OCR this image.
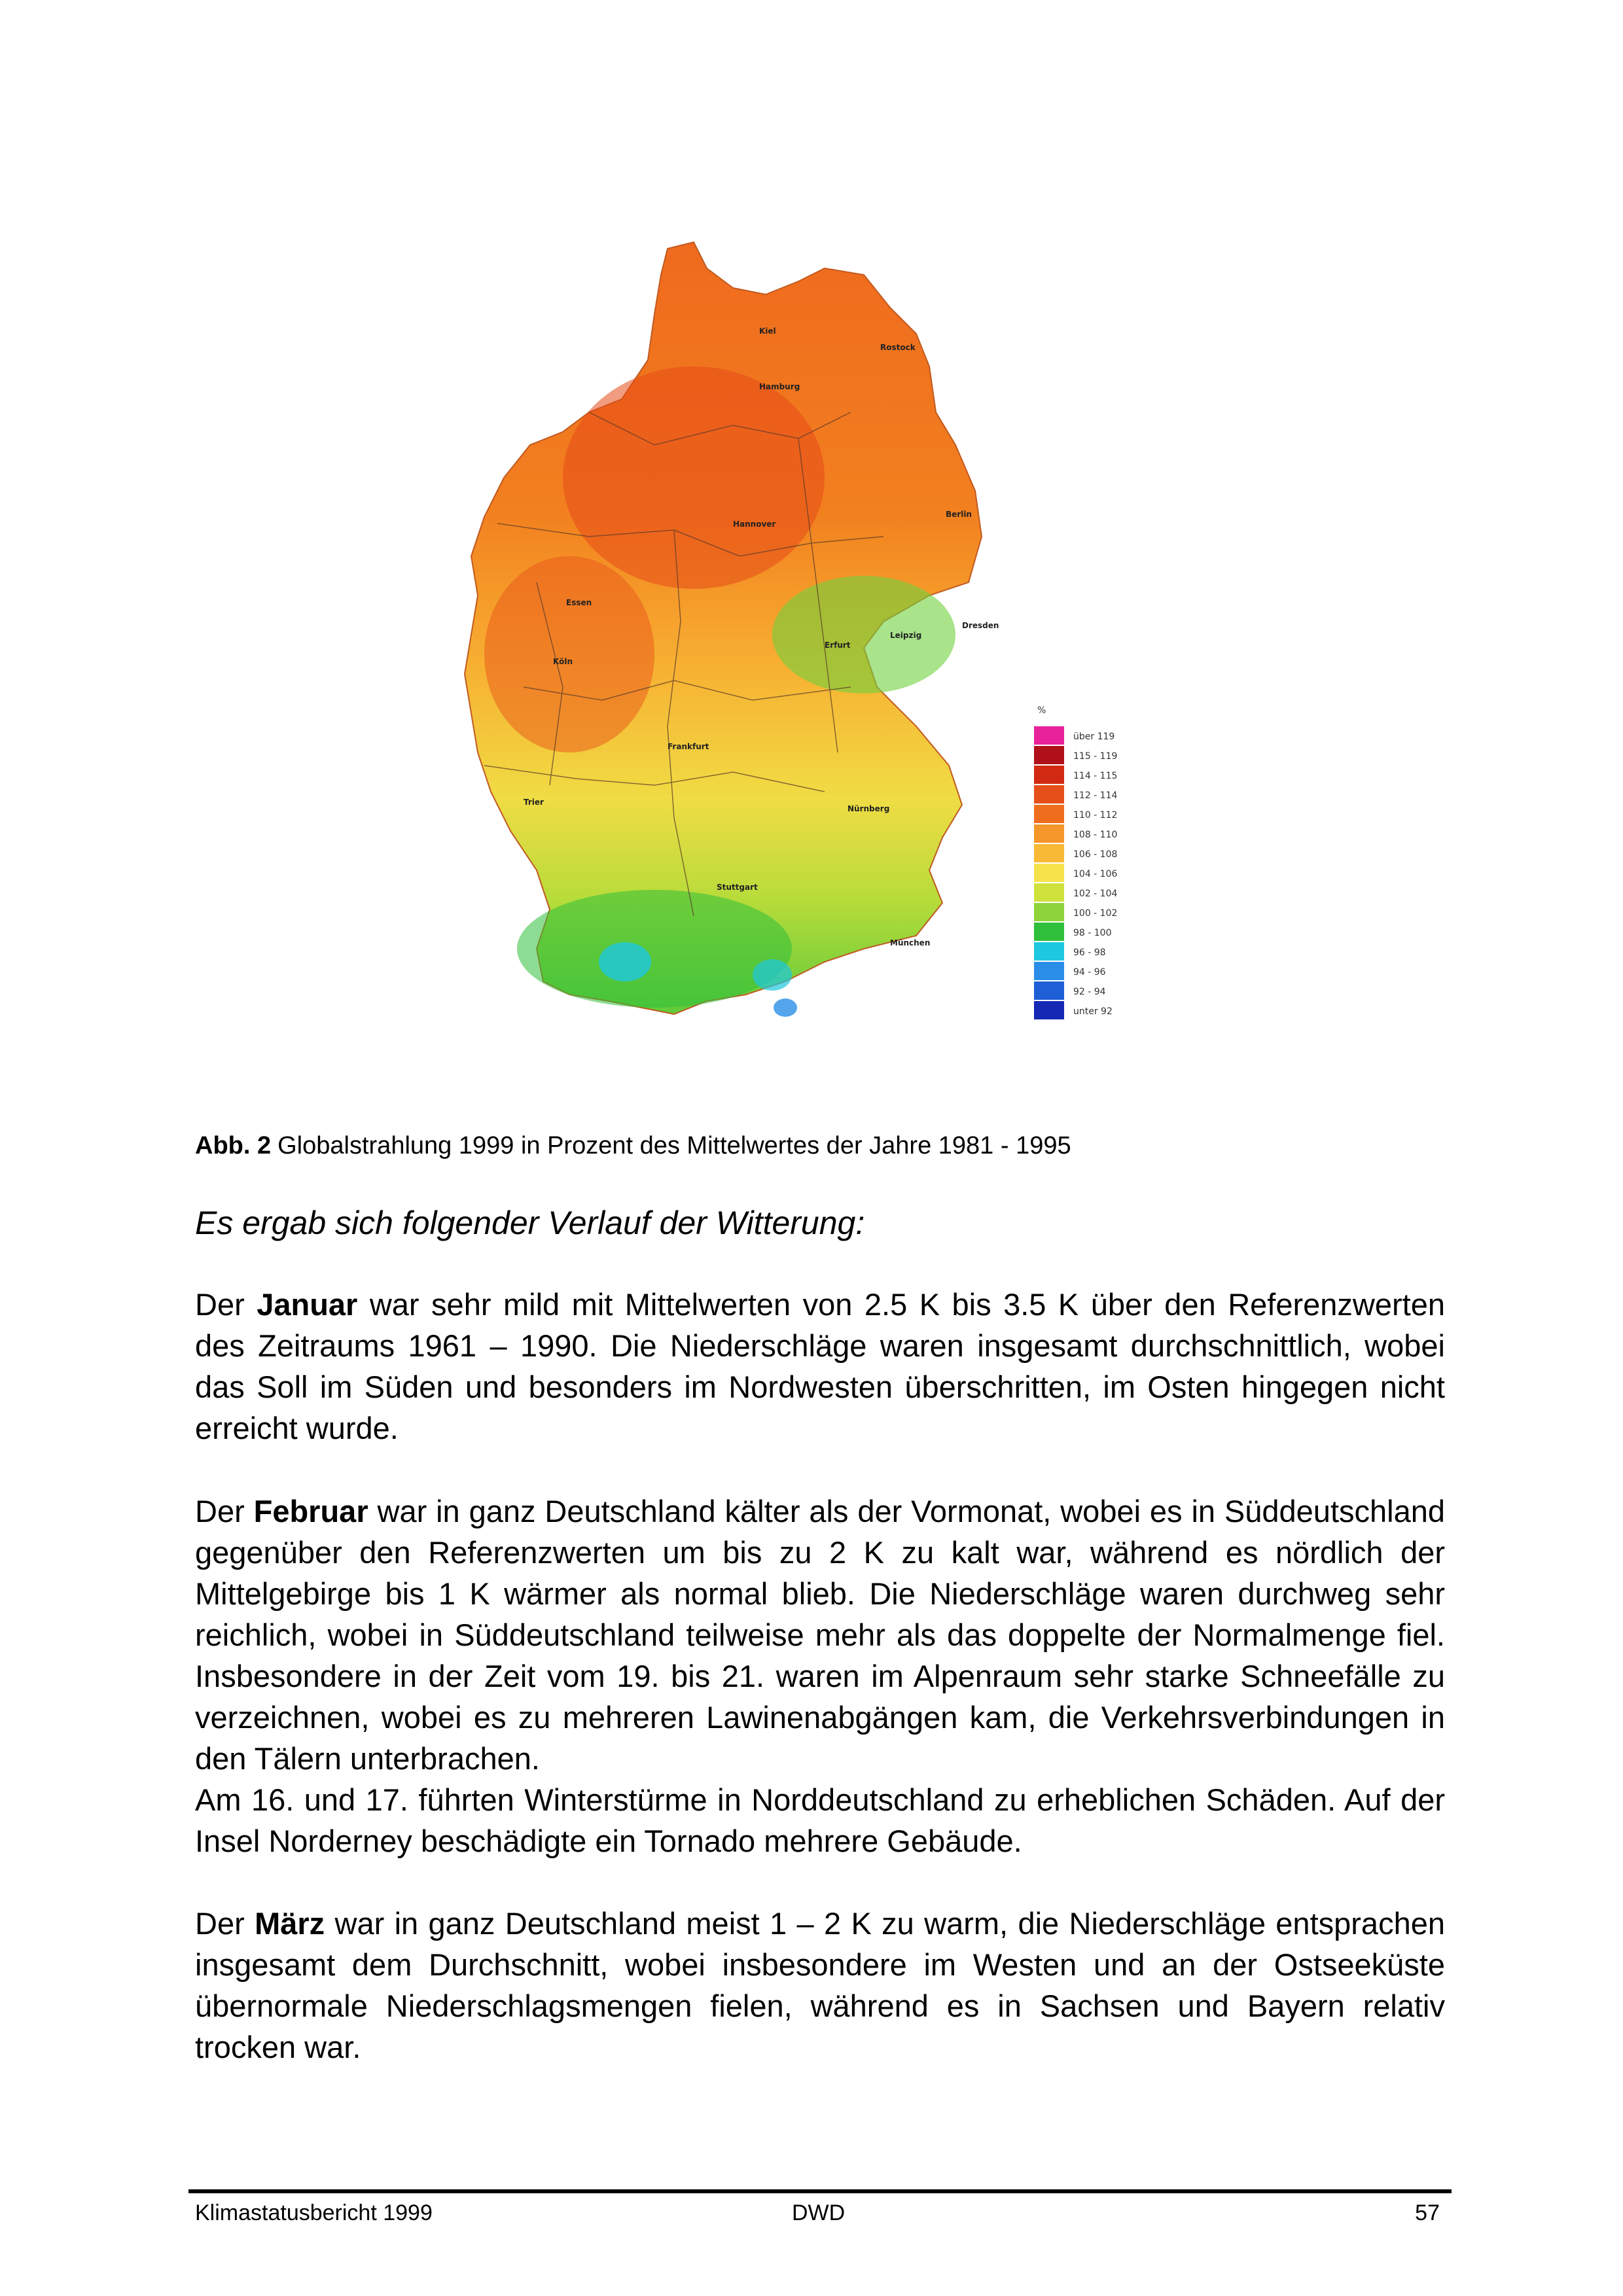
Kiel
Rostock
Hamburg
Hannover
Berlin
Essen
Köln
Erfurt
Leipzig
Dresden
Frankfurt
Trier
Nürnberg
Stuttgart
München
%
über 119
115 - 119
114 - 115
112 - 114
110 - 112
108 - 110
106 - 108
104 - 106
102 - 104
100 - 102
98 - 100
96 - 98
94 - 96
92 - 94
unter 92
Abb. 2 Globalstrahlung 1999 in Prozent des Mittelwertes der Jahre 1981 - 1995
Es ergab sich folgender Verlauf der Witterung:

Der Januar war sehr mild mit Mittelwerten von 2.5 K bis 3.5 K über den Referenzwerten des Zeitraums 1961 – 1990. Die Niederschläge waren insgesamt durchschnittlich, wobei das Soll im Süden und besonders im Nordwesten überschritten, im Osten hingegen nicht erreicht wurde.

Der Februar war in ganz Deutschland kälter als der Vormonat, wobei es in Süddeutschland gegenüber den Referenzwerten um bis zu 2 K zu kalt war, während es nördlich der Mittelgebirge bis 1 K wärmer als normal blieb. Die Niederschläge waren durchweg sehr reichlich, wobei in Süddeutschland teilweise mehr als das doppelte der Normalmenge fiel. Insbesondere in der Zeit vom 19. bis 21. waren im Alpenraum sehr starke Schneefälle zu verzeichnen, wobei es zu mehreren Lawinenabgängen kam, die Verkehrsverbindungen in den Tälern unterbrachen.
Am 16. und 17. führten Winterstürme in Norddeutschland zu erheblichen Schäden. Auf der Insel Norderney beschädigte ein Tornado mehrere Gebäude.

Der März war in ganz Deutschland meist 1 – 2 K zu warm, die Niederschläge entsprachen insgesamt dem Durchschnitt, wobei insbesondere im Westen und an der Ostseeküste übernormale Niederschlagsmengen fielen, während es in Sachsen und Bayern relativ trocken war.

Klimastatusbericht 1999	DWD	57
